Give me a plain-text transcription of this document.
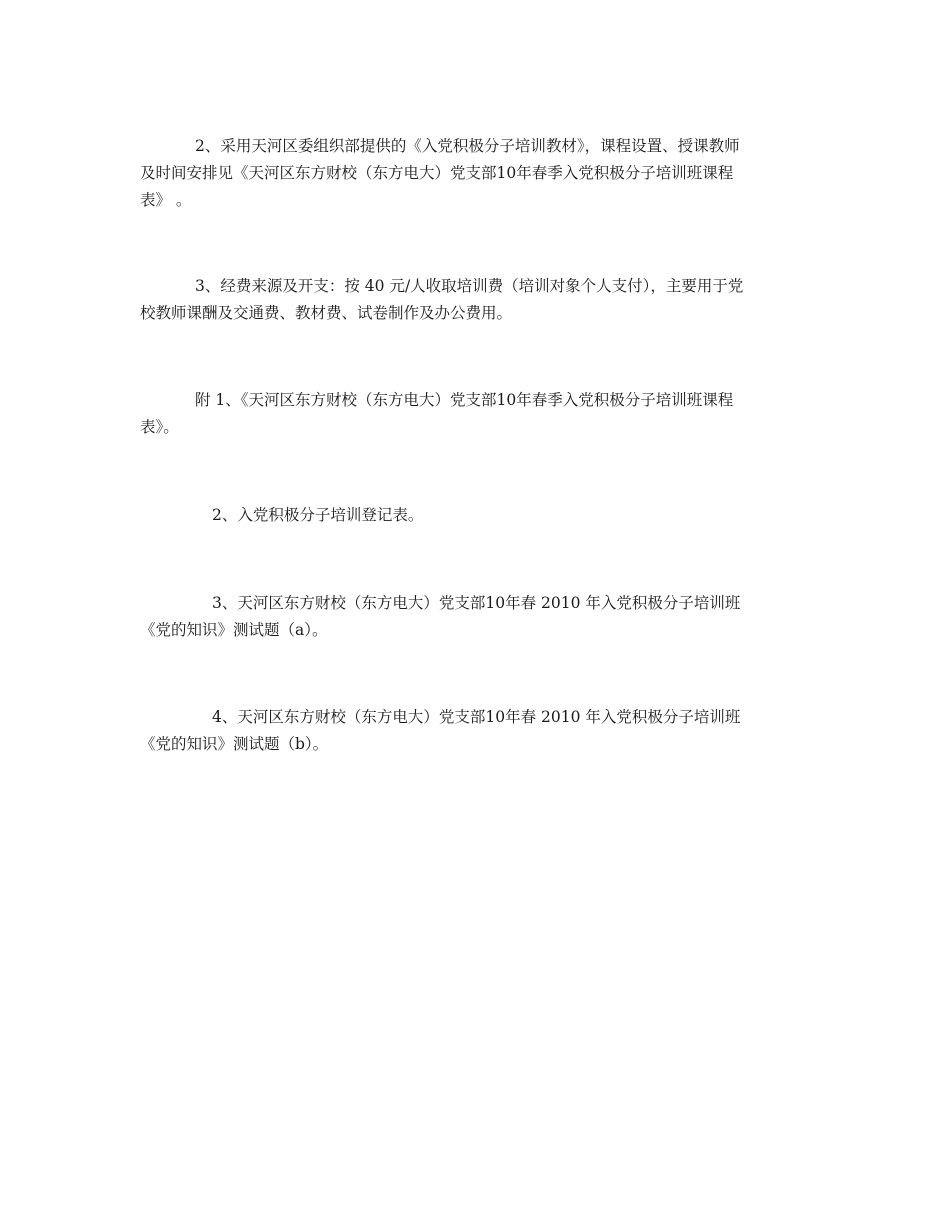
2、采用天河区委组织部提供的《入党积极分子培训教材》，课程设置、授课教师
及时间安排见《天河区东方财校（东方电大）党支部10年春季入党积极分子培训班课程
表》 。

3、经费来源及开支：按 40 元/人收取培训费（培训对象个人支付），主要用于党
校教师课酬及交通费、教材费、试卷制作及办公费用。

附 1、《天河区东方财校（东方电大）党支部10年春季入党积极分子培训班课程
表》。

2、入党积极分子培训登记表。

3、天河区东方财校（东方电大）党支部10年春 2010 年入党积极分子培训班
《党的知识》测试题（a）。

4、天河区东方财校（东方电大）党支部10年春 2010 年入党积极分子培训班
《党的知识》测试题（b）。
